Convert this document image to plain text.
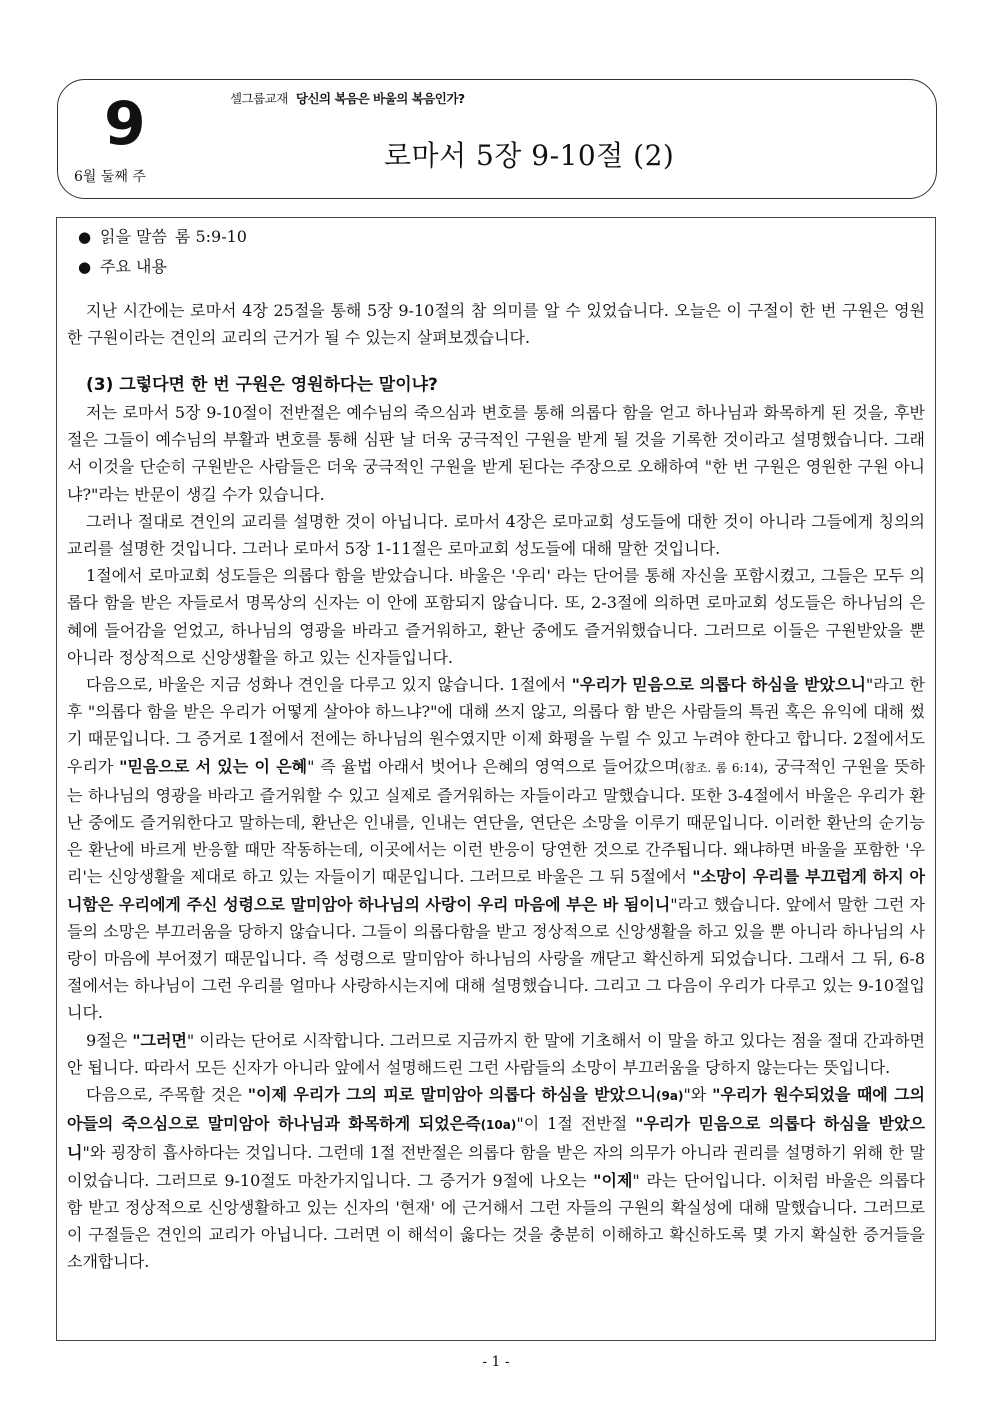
9
6월 둘째 주
셀그룹교재 당신의 복음은 바울의 복음인가?
로마서 5장 9-10절 (2)
● 읽을 말씀 롬 5:9-10
● 주요 내용

지난 시간에는 로마서 4장 25절을 통해 5장 9-10절의 참 의미를 알 수 있었습니다. 오늘은 이 구절이 한 번 구원은 영원한 구원이라는 견인의 교리의 근거가 될 수 있는지 살펴보겠습니다.

(3) 그렇다면 한 번 구원은 영원하다는 말이냐?

저는 로마서 5장 9-10절이 전반절은 예수님의 죽으심과 변호를 통해 의롭다 함을 얻고 하나님과 화목하게 된 것을, 후반절은 그들이 예수님의 부활과 변호를 통해 심판 날 더욱 궁극적인 구원을 받게 될 것을 기록한 것이라고 설명했습니다. 그래서 이것을 단순히 구원받은 사람들은 더욱 궁극적인 구원을 받게 된다는 주장으로 오해하여 "한 번 구원은 영원한 구원 아니냐?"라는 반문이 생길 수가 있습니다.

그러나 절대로 견인의 교리를 설명한 것이 아닙니다. 로마서 4장은 로마교회 성도들에 대한 것이 아니라 그들에게 칭의의 교리를 설명한 것입니다. 그러나 로마서 5장 1-11절은 로마교회 성도들에 대해 말한 것입니다.

1절에서 로마교회 성도들은 의롭다 함을 받았습니다. 바울은 '우리' 라는 단어를 통해 자신을 포함시켰고, 그들은 모두 의롭다 함을 받은 자들로서 명목상의 신자는 이 안에 포함되지 않습니다. 또, 2-3절에 의하면 로마교회 성도들은 하나님의 은혜에 들어감을 얻었고, 하나님의 영광을 바라고 즐거워하고, 환난 중에도 즐거워했습니다. 그러므로 이들은 구원받았을 뿐 아니라 정상적으로 신앙생활을 하고 있는 신자들입니다.

다음으로, 바울은 지금 성화나 견인을 다루고 있지 않습니다. 1절에서 "우리가 믿음으로 의롭다 하심을 받았으니"라고 한 후 "의롭다 함을 받은 우리가 어떻게 살아야 하느냐?"에 대해 쓰지 않고, 의롭다 함 받은 사람들의 특권 혹은 유익에 대해 썼기 때문입니다. 그 증거로 1절에서 전에는 하나님의 원수였지만 이제 화평을 누릴 수 있고 누려야 한다고 합니다. 2절에서도 우리가 "믿음으로 서 있는 이 은혜" 즉 율법 아래서 벗어나 은혜의 영역으로 들어갔으며(참조. 롬 6:14), 궁극적인 구원을 뜻하는 하나님의 영광을 바라고 즐거워할 수 있고 실제로 즐거워하는 자들이라고 말했습니다. 또한 3-4절에서 바울은 우리가 환난 중에도 즐거워한다고 말하는데, 환난은 인내를, 인내는 연단을, 연단은 소망을 이루기 때문입니다. 이러한 환난의 순기능은 환난에 바르게 반응할 때만 작동하는데, 이곳에서는 이런 반응이 당연한 것으로 간주됩니다. 왜냐하면 바울을 포함한 '우리'는 신앙생활을 제대로 하고 있는 자들이기 때문입니다. 그러므로 바울은 그 뒤 5절에서 "소망이 우리를 부끄럽게 하지 아니함은 우리에게 주신 성령으로 말미암아 하나님의 사랑이 우리 마음에 부은 바 됨이니"라고 했습니다. 앞에서 말한 그런 자들의 소망은 부끄러움을 당하지 않습니다. 그들이 의롭다함을 받고 정상적으로 신앙생활을 하고 있을 뿐 아니라 하나님의 사랑이 마음에 부어졌기 때문입니다. 즉 성령으로 말미암아 하나님의 사랑을 깨닫고 확신하게 되었습니다. 그래서 그 뒤, 6-8절에서는 하나님이 그런 우리를 얼마나 사랑하시는지에 대해 설명했습니다. 그리고 그 다음이 우리가 다루고 있는 9-10절입니다.

9절은 "그러면" 이라는 단어로 시작합니다. 그러므로 지금까지 한 말에 기초해서 이 말을 하고 있다는 점을 절대 간과하면 안 됩니다. 따라서 모든 신자가 아니라 앞에서 설명해드린 그런 사람들의 소망이 부끄러움을 당하지 않는다는 뜻입니다.

다음으로, 주목할 것은 "이제 우리가 그의 피로 말미암아 의롭다 하심을 받았으니(9a)"와 "우리가 원수되었을 때에 그의 아들의 죽으심으로 말미암아 하나님과 화목하게 되었은즉(10a)"이 1절 전반절 "우리가 믿음으로 의롭다 하심을 받았으니"와 굉장히 흡사하다는 것입니다. 그런데 1절 전반절은 의롭다 함을 받은 자의 의무가 아니라 권리를 설명하기 위해 한 말이었습니다. 그러므로 9-10절도 마찬가지입니다. 그 증거가 9절에 나오는 "이제" 라는 단어입니다. 이처럼 바울은 의롭다 함 받고 정상적으로 신앙생활하고 있는 신자의 '현재' 에 근거해서 그런 자들의 구원의 확실성에 대해 말했습니다. 그러므로 이 구절들은 견인의 교리가 아닙니다. 그러면 이 해석이 옳다는 것을 충분히 이해하고 확신하도록 몇 가지 확실한 증거들을 소개합니다.

- 1 -
